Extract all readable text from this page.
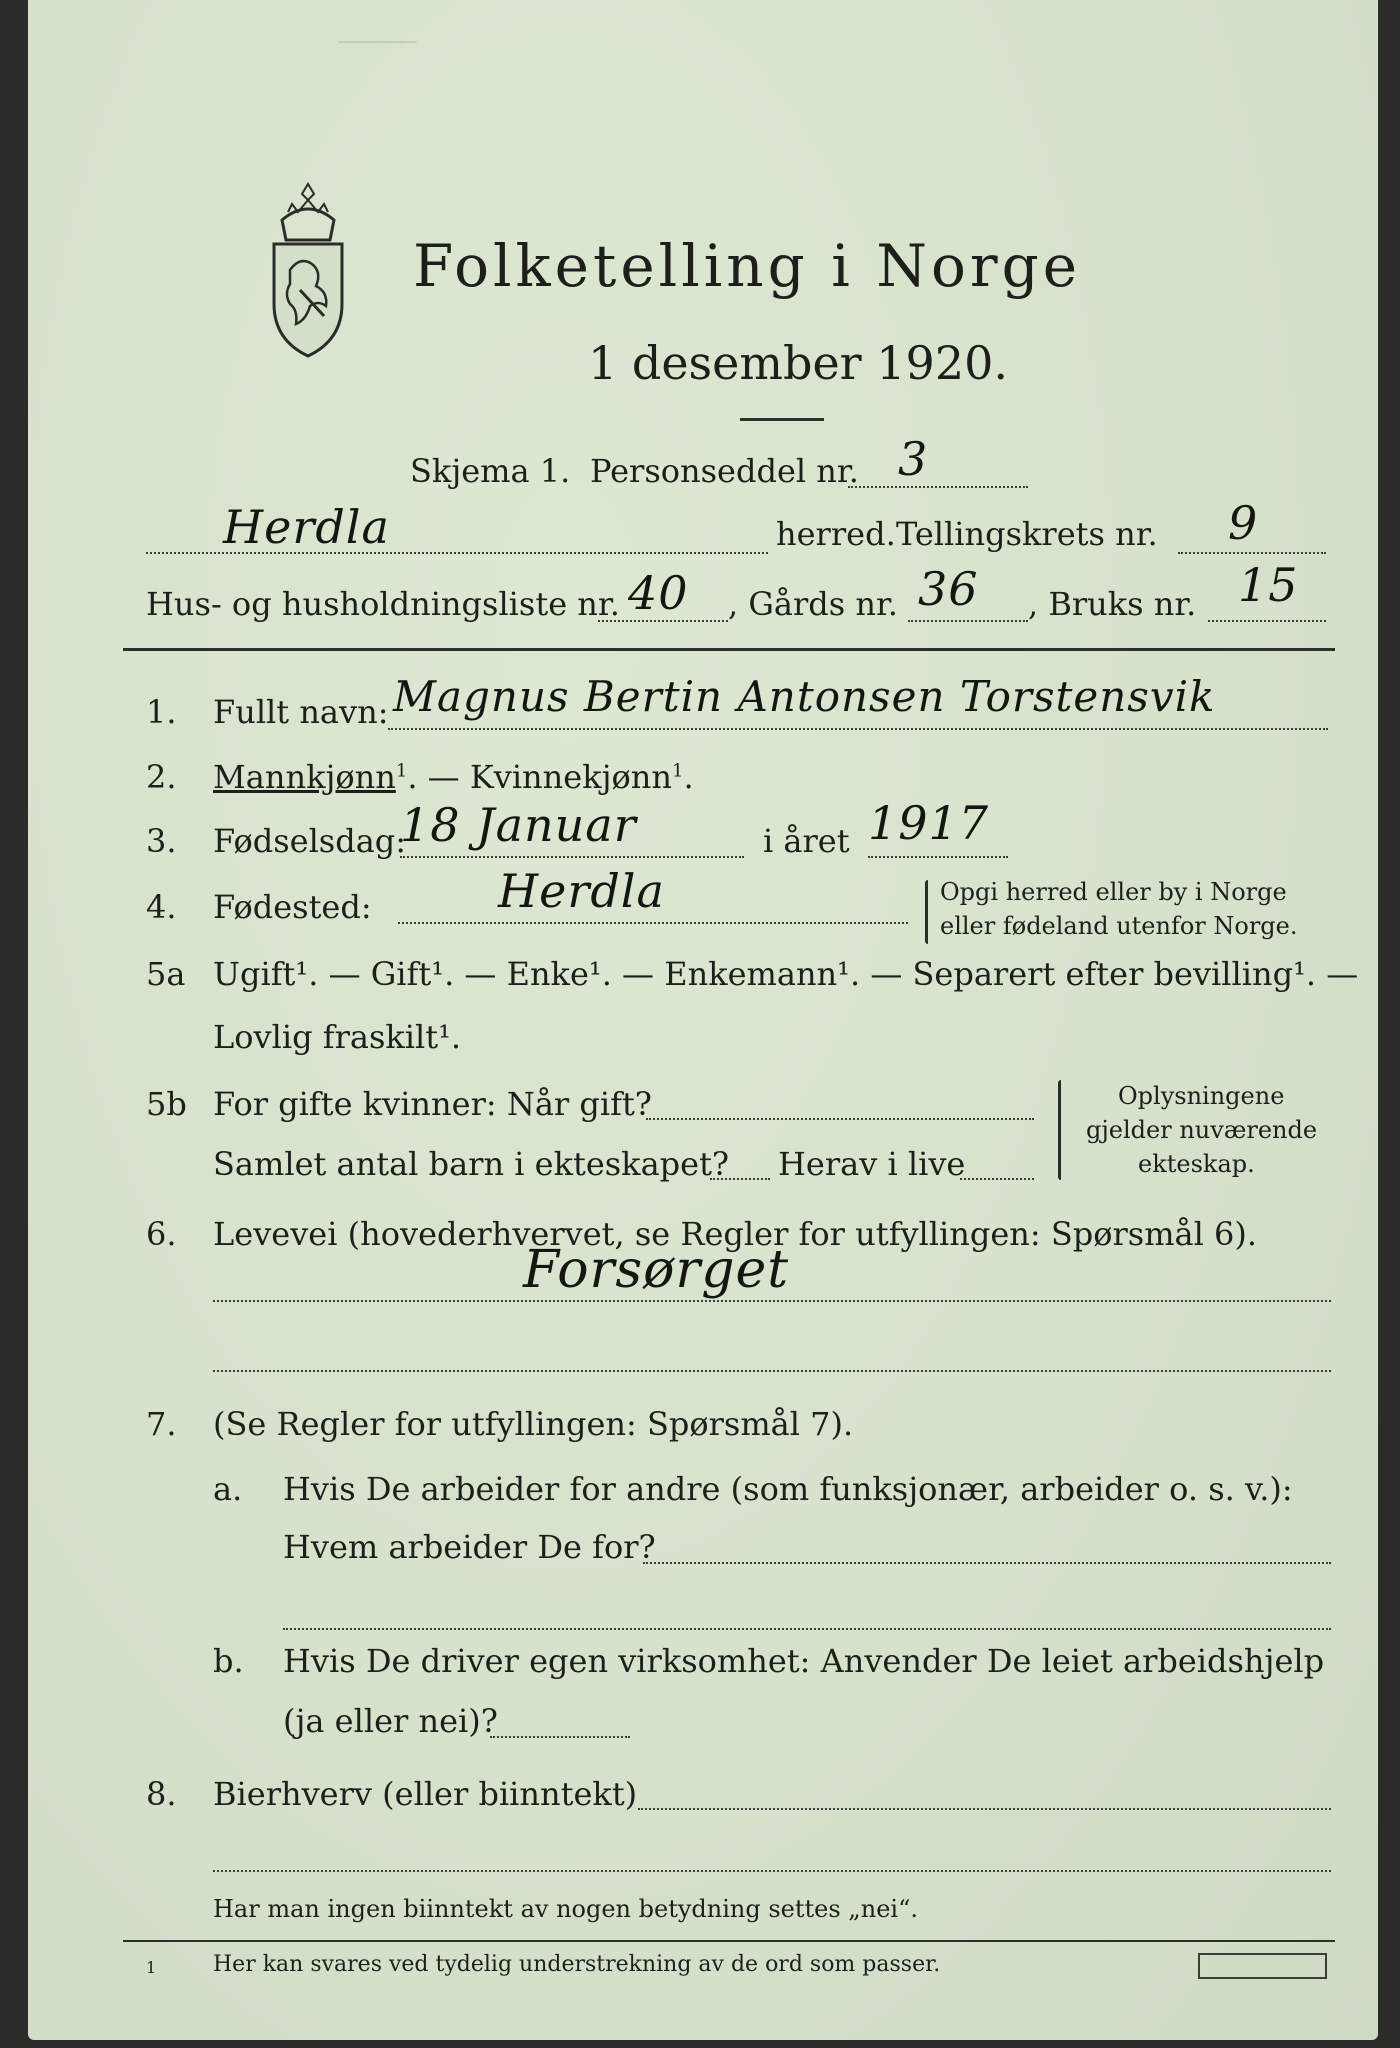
─────
Folketelling i Norge
1 desember 1920.
Skjema 1. Personseddel nr. 3
Herdla	herred. Tellingskrets nr. 9
Hus- og husholdningsliste nr. 40 , Gårds nr. 36 , Bruks nr. 15
1. Fullt navn: Magnus Bertin Antonsen Torstensvik
2. Mannkjønn$^1$. — Kvinnekjønn$^1$.
3. Fødselsdag:
18 Januar	i året 1917
4. Fødested:	Herdla	Opgi herred eller by i Norge
eller fødeland utenfor Norge.
5a Ugift¹. — Gift¹. — Enke¹. — Enkemann¹. — Separert efter bevilling¹. —
Lovlig fraskilt¹.
5b For gifte kvinner: Når gift?
Samlet antal barn i ekteskapet? Herav i live
Oplysningene
gjelder nuværende
ekteskap.
6. Levevei (hovederhvervet, se Regler for utfyllingen: Spørsmål 6).
Forsørget
7. (Se Regler for utfyllingen: Spørsmål 7).
a. Hvis De arbeider for andre (som funksjonær, arbeider o. s. v.):
Hvem arbeider De for?
b. Hvis De driver egen virksomhet: Anvender De leiet arbeidshjelp
(ja eller nei)?
8. Bierhverv (eller biinntekt)
Har man ingen biinntekt av nogen betydning settes „nei“.
1	Her kan svares ved tydelig understrekning av de ord som passer.
